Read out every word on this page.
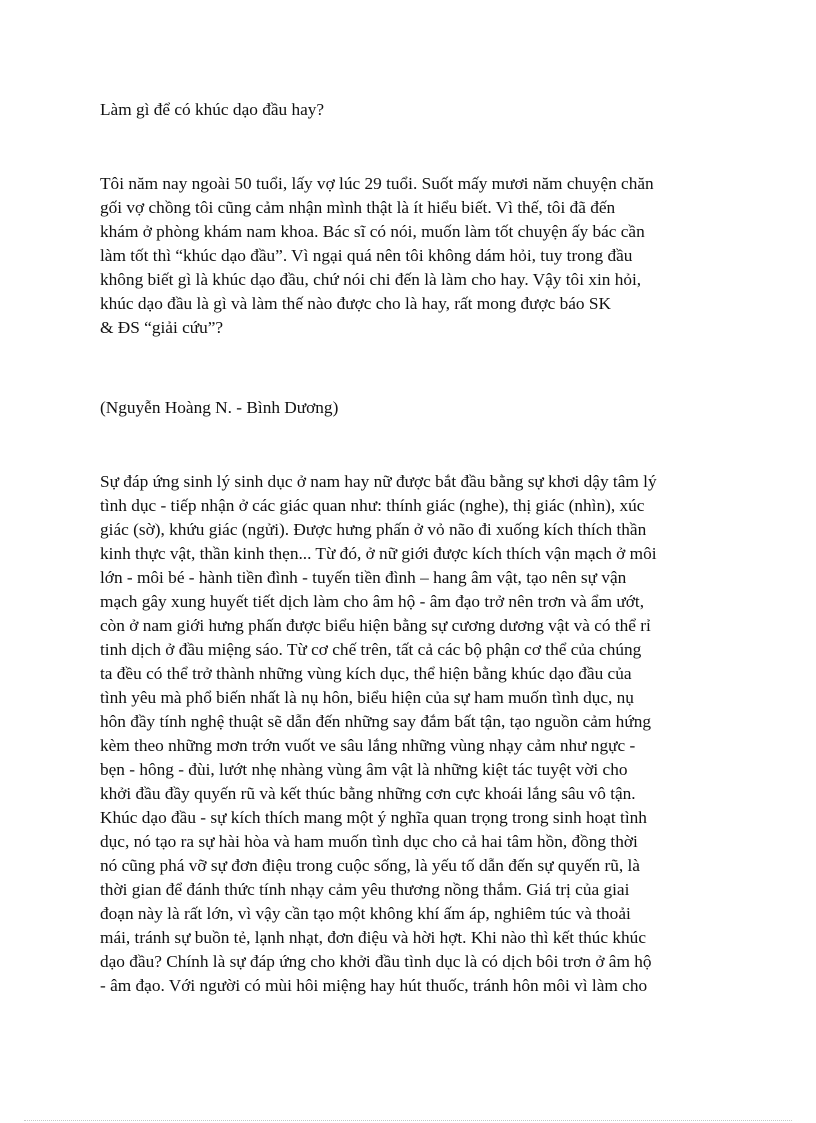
Làm gì để có khúc dạo đầu hay?

Tôi năm nay ngoài 50 tuổi, lấy vợ lúc 29 tuổi. Suốt mấy mươi năm chuyện chăn

gối vợ chồng tôi cũng cảm nhận mình thật là ít hiểu biết. Vì thế, tôi đã đến

khám ở phòng khám nam khoa. Bác sĩ có nói, muốn làm tốt chuyện ấy bác cần

làm tốt thì “khúc dạo đầu”. Vì ngại quá nên tôi không dám hỏi, tuy trong đầu

không biết gì là khúc dạo đầu, chứ nói chi đến là làm cho hay. Vậy tôi xin hỏi,

khúc dạo đầu là gì và làm thế nào được cho là hay, rất mong được báo SK

& ĐS “giải cứu”?

(Nguyễn Hoàng N. - Bình Dương)

Sự đáp ứng sinh lý sinh dục ở nam hay nữ được bắt đầu bằng sự khơi dậy tâm lý

tình dục - tiếp nhận ở các giác quan như: thính giác (nghe), thị giác (nhìn), xúc

giác (sờ), khứu giác (ngửi). Được hưng phấn ở vỏ não đi xuống kích thích thần

kinh thực vật, thần kinh thẹn... Từ đó, ở nữ giới được kích thích vận mạch ở môi

lớn - môi bé - hành tiền đình - tuyến tiền đình – hang âm vật, tạo nên sự vận

mạch gây xung huyết tiết dịch làm cho âm hộ - âm đạo trở nên trơn và ẩm ướt,

còn ở nam giới hưng phấn được biểu hiện bằng sự cương dương vật và có thể rỉ

tinh dịch ở đầu miệng sáo. Từ cơ chế trên, tất cả các bộ phận cơ thể của chúng

ta đều có thể trở thành những vùng kích dục, thể hiện bằng khúc dạo đầu của

tình yêu mà phổ biến nhất là nụ hôn, biểu hiện của sự ham muốn tình dục, nụ

hôn đầy tính nghệ thuật sẽ dẫn đến những say đắm bất tận, tạo nguồn cảm hứng

kèm theo những mơn trớn vuốt ve sâu lắng những vùng nhạy cảm như ngực -

bẹn - hông - đùi, lướt nhẹ nhàng vùng âm vật là những kiệt tác tuyệt vời cho

khởi đầu đầy quyến rũ và kết thúc bằng những cơn cực khoái lắng sâu vô tận.

Khúc dạo đầu - sự kích thích mang một ý nghĩa quan trọng trong sinh hoạt tình

dục, nó tạo ra sự hài hòa và ham muốn tình dục cho cả hai tâm hồn, đồng thời

nó cũng phá vỡ sự đơn điệu trong cuộc sống, là yếu tố dẫn đến sự quyến rũ, là

thời gian để đánh thức tính nhạy cảm yêu thương nồng thắm. Giá trị của giai

đoạn này là rất lớn, vì vậy cần tạo một không khí ấm áp, nghiêm túc và thoải

mái, tránh sự buồn tẻ, lạnh nhạt, đơn điệu và hời hợt. Khi nào thì kết thúc khúc

dạo đầu? Chính là sự đáp ứng cho khởi đầu tình dục là có dịch bôi trơn ở âm hộ

- âm đạo. Với người có mùi hôi miệng hay hút thuốc, tránh hôn môi vì làm cho
